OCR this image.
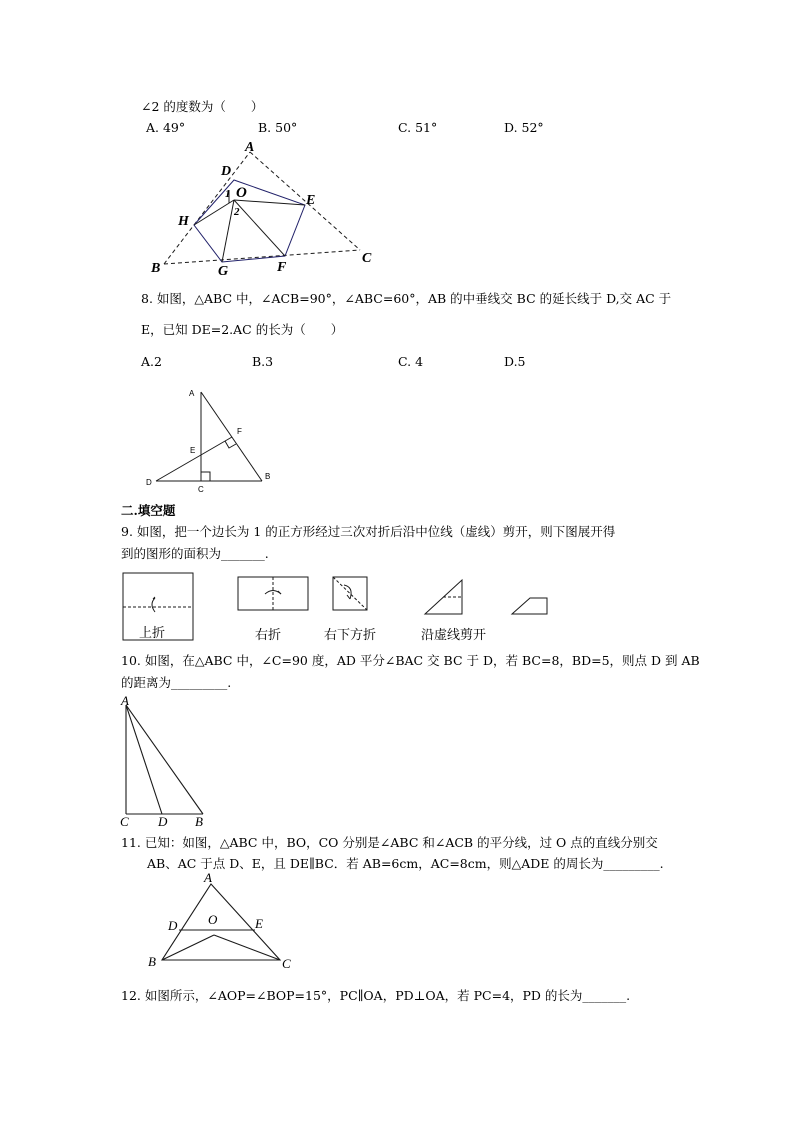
∠2 的度数为（　　）
A. 49°	B. 50°	C. 51°	D. 52°
A
D
O	E
H
B	G	F
C
1
2
8. 如图，△ABC 中，∠ACB=90°，∠ABC=60°，AB 的中垂线交 BC 的延长线于 D,交 AC 于
E，已知 DE=2.AC 的长为（　　）
A.2	B.3	C. 4	D.5
A
E
F
D
C
B
二.填空题
9. 如图，把一个边长为 1 的正方形经过三次对折后沿中位线（虚线）剪开，则下图展开得
到的图形的面积为_______.
上折	右折	右下方折	沿虚线剪开
10. 如图，在△ABC 中，∠C=90 度，AD 平分∠BAC 交 BC 于 D，若 BC=8，BD=5，则点 D 到 AB
的距离为_________.
A
C D B
11. 已知：如图，△ABC 中，BO，CO 分别是∠ABC 和∠ACB 的平分线，过 O 点的直线分别交
AB、AC 于点 D、E，且 DE∥BC．若 AB=6cm，AC=8cm，则△ADE 的周长为_________.
A
D O	E
B	C
12. 如图所示，∠AOP=∠BOP=15°，PC∥OA，PD⊥OA，若 PC=4，PD 的长为_______.
